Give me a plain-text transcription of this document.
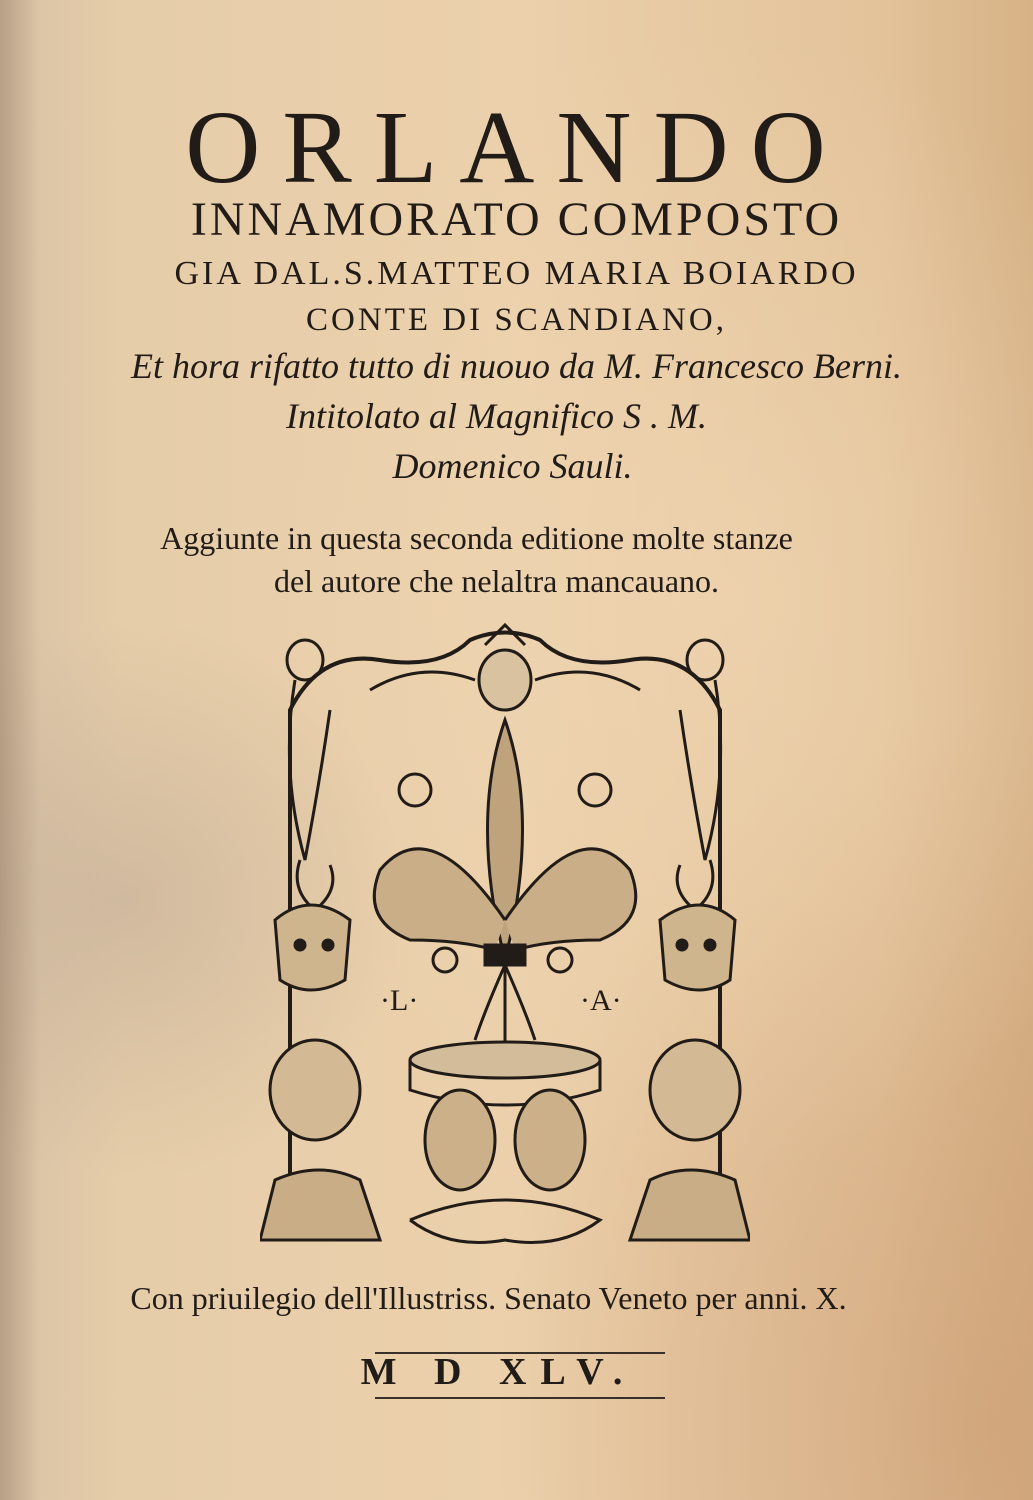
ORLANDO
INNAMORATO COMPOSTO
GIA DAL.S.MATTEO MARIA BOIARDO
CONTE DI SCANDIANO,
Et hora rifatto tutto di nuouo da M. Francesco Berni.
Intitolato al Magnifico S . M.
Domenico Sauli.
Aggiunte in questa seconda editione molte stanze
del autore che nelaltra mancauano.
·L·	·A·
Con priuilegio dell'Illustriss. Senato Veneto per anni. X.
M D XLV.
